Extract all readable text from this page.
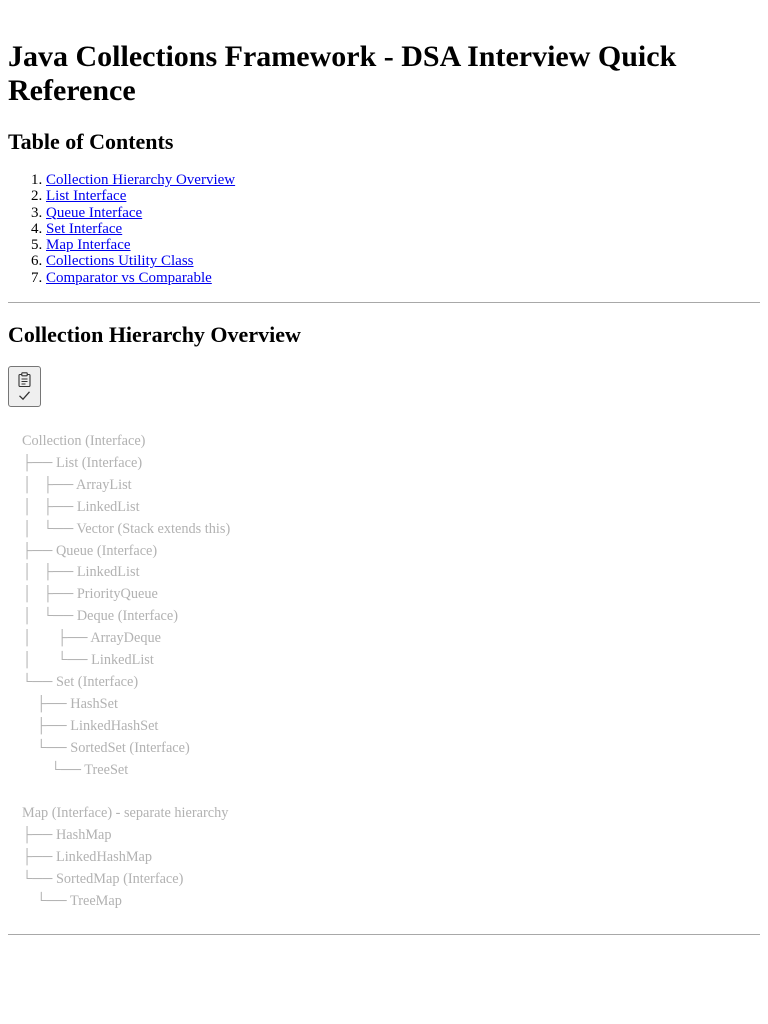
Java Collections Framework - DSA Interview Quick Reference
Table of Contents
1. Collection Hierarchy Overview
2. List Interface
3. Queue Interface
4. Set Interface
5. Map Interface
6. Collections Utility Class
7. Comparator vs Comparable
Collection Hierarchy Overview
Collection (Interface)
├── List (Interface)
│   ├── ArrayList
│   ├── LinkedList
│   └── Vector (Stack extends this)
├── Queue (Interface)
│   ├── LinkedList
│   ├── PriorityQueue
│   └── Deque (Interface)
│       ├── ArrayDeque
│       └── LinkedList
└── Set (Interface)
├── HashSet
├── LinkedHashSet
└── SortedSet (Interface)
└── TreeSet

Map (Interface) - separate hierarchy
├── HashMap
├── LinkedHashMap
└── SortedMap (Interface)
└── TreeMap
